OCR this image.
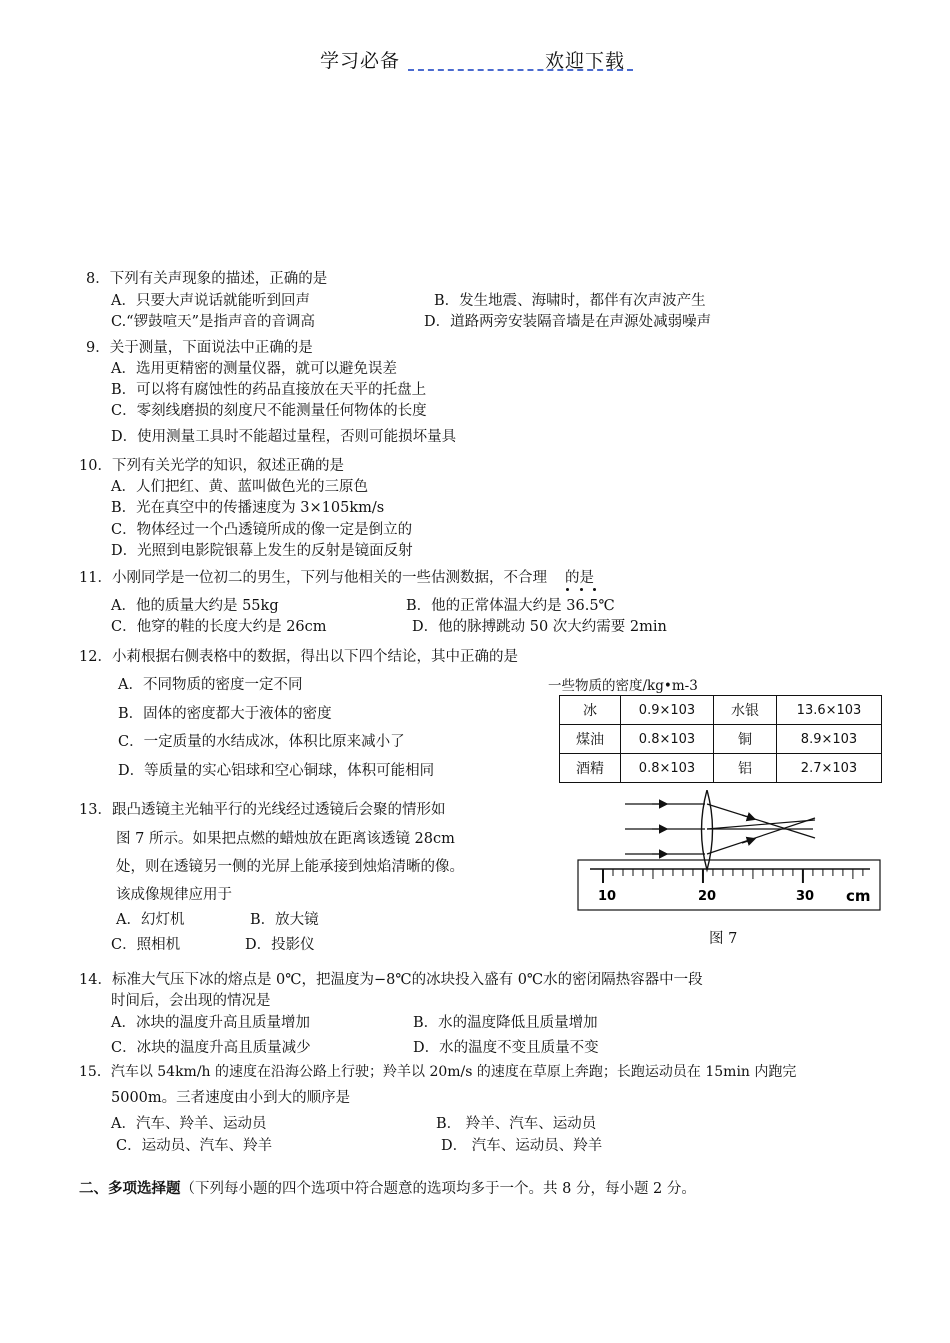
学习必备	欢迎下载
8．下列有关声现象的描述，正确的是
A．只要大声说话就能听到回声	B．发生地震、海啸时，都伴有次声波产生
C.“锣鼓喧天”是指声音的音调高	D．道路两旁安装隔音墙是在声源处减弱噪声
9．关于测量，下面说法中正确的是
A．选用更精密的测量仪器，就可以避免误差
B．可以将有腐蚀性的药品直接放在天平的托盘上
C．零刻线磨损的刻度尺不能测量任何物体的长度
D．使用测量工具时不能超过量程，否则可能损坏量具
10．下列有关光学的知识，叙述正确的是
A．人们把红、黄、蓝叫做色光的三原色
B．光在真空中的传播速度为 3×105km/s
C．物体经过一个凸透镜所成的像一定是倒立的
D．光照到电影院银幕上发生的反射是镜面反射
11．小刚同学是一位初二的男生，下列与他相关的一些估测数据，不合理 的是
A．他的质量大约是 55kg	B．他的正常体温大约是 36.5℃
C．他穿的鞋的长度大约是 26cm	D．他的脉搏跳动 50 次大约需要 2min
12．小莉根据右侧表格中的数据，得出以下四个结论，其中正确的是
A．不同物质的密度一定不同
B．固体的密度都大于液体的密度
C．一定质量的水结成冰，体积比原来减小了
D．等质量的实心铝球和空心铜球，体积可能相同
一些物质的密度/kg•m-3
冰	0.9×103	水银	13.6×103
煤油	0.8×103	铜	8.9×103
酒精	0.8×103	铝	2.7×103
13．跟凸透镜主光轴平行的光线经过透镜后会聚的情形如
图 7 所示。如果把点燃的蜡烛放在距离该透镜 28cm
处，则在透镜另一侧的光屏上能承接到烛焰清晰的像。
该成像规律应用于
A．幻灯机	B．放大镜
C．照相机	D．投影仪
10	20	30 cm
图 7
14．标准大气压下冰的熔点是 0℃，把温度为−8℃的冰块投入盛有 0℃水的密闭隔热容器中一段
时间后，会出现的情况是
A．冰块的温度升高且质量增加	B．水的温度降低且质量增加
C．冰块的温度升高且质量减少	D．水的温度不变且质量不变
15．汽车以 54km/h 的速度在沿海公路上行驶；羚羊以 20m/s 的速度在草原上奔跑；长跑运动员在 15min 内跑完
5000m。三者速度由小到大的顺序是
A．汽车、羚羊、运动员	B． 羚羊、汽车、运动员
C．运动员、汽车、羚羊	D． 汽车、运动员、羚羊
二、多项选择题（下列每小题的四个选项中符合题意的选项均多于一个。共 8 分，每小题 2 分。
